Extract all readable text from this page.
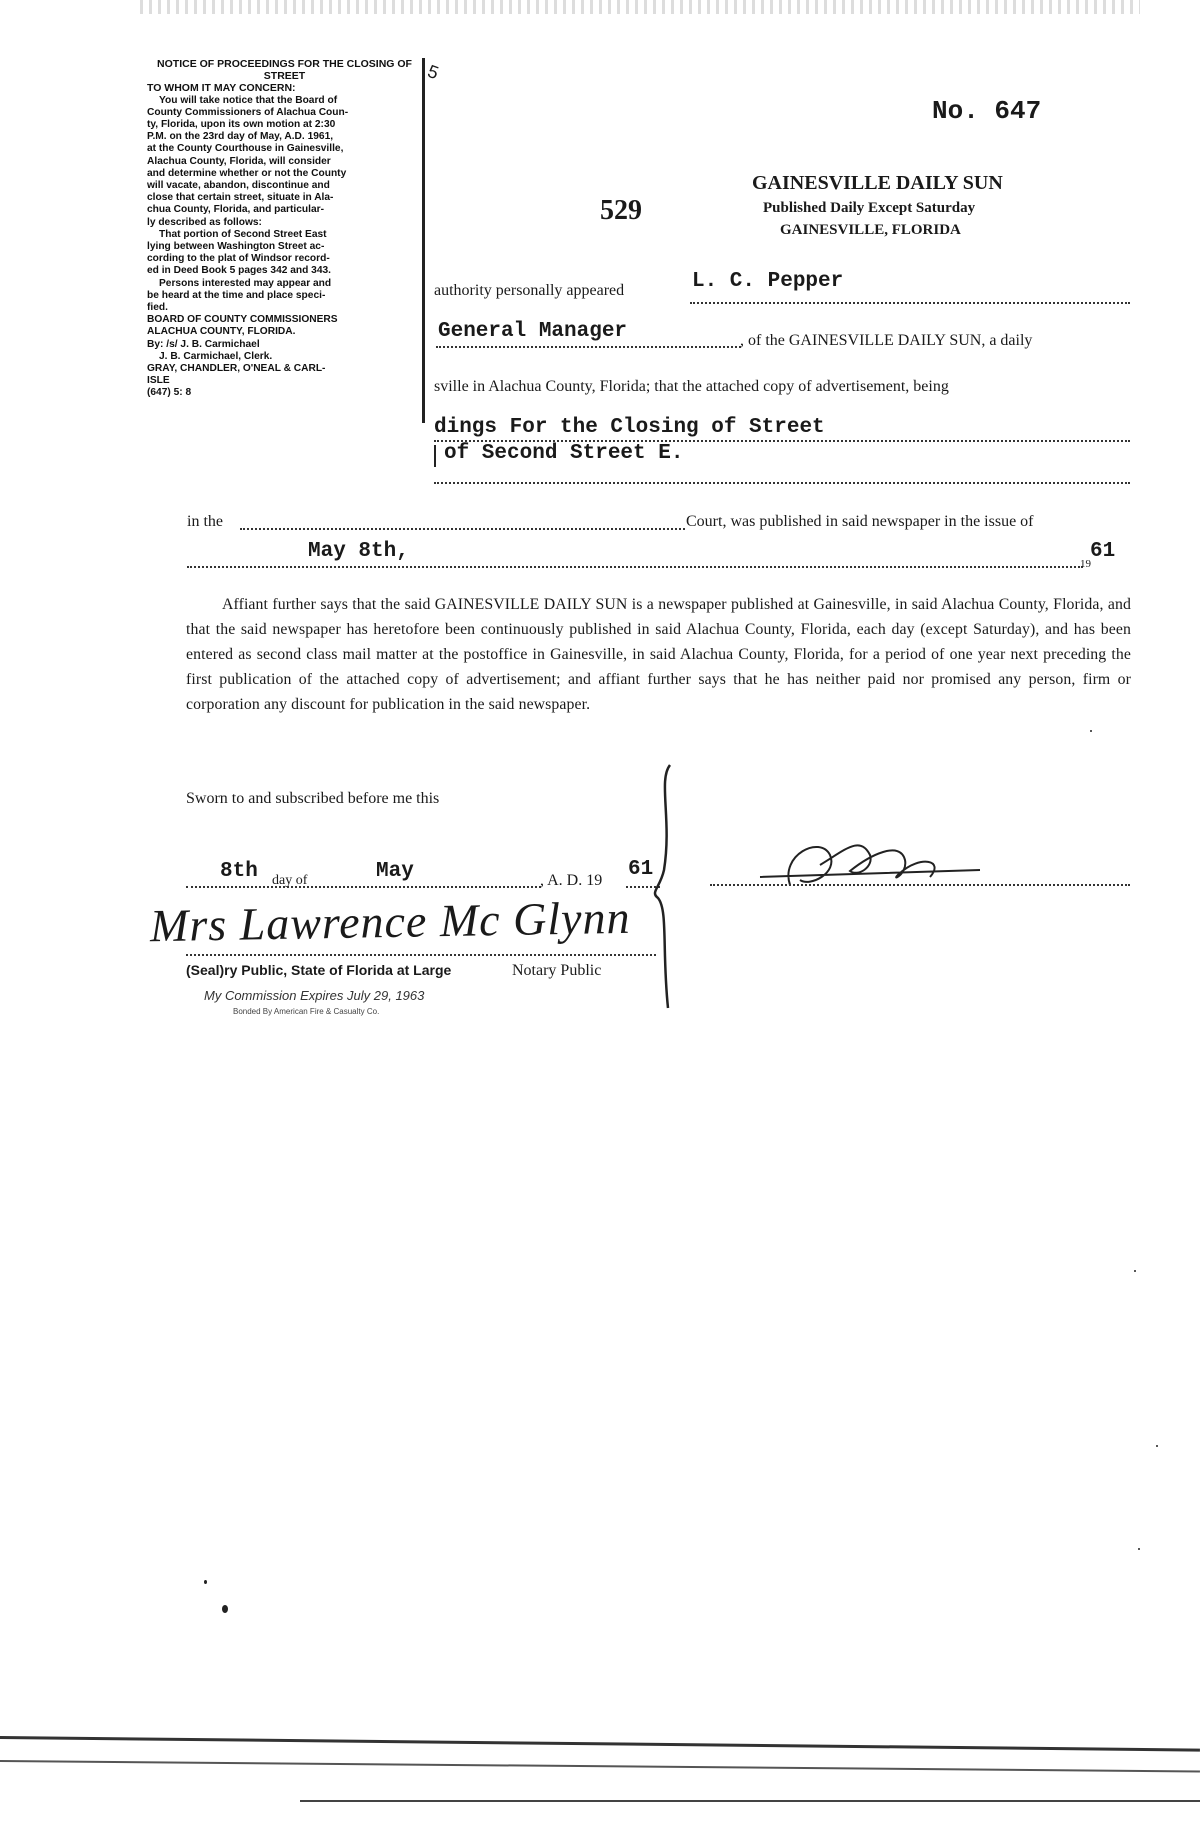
NOTICE OF PROCEEDINGS FOR THE CLOSING OF STREET

TO WHOM IT MAY CONCERN:

You will take notice that the Board of

County Commissioners of Alachua Coun-

ty, Florida, upon its own motion at 2:30

P.M. on the 23rd day of May, A.D. 1961,

at the County Courthouse in Gainesville,

Alachua County, Florida, will consider

and determine whether or not the County

will vacate, abandon, discontinue and

close that certain street, situate in Ala-

chua County, Florida, and particular-

ly described as follows:

That portion of Second Street East

lying between Washington Street ac-

cording to the plat of Windsor record-

ed in Deed Book 5 pages 342 and 343.

Persons interested may appear and

be heard at the time and place speci-

fied.

BOARD OF COUNTY COMMISSIONERS

ALACHUA COUNTY, FLORIDA.

By: /s/ J. B. Carmichael

J. B. Carmichael, Clerk.

GRAY, CHANDLER, O'NEAL & CARL-

ISLE

(647) 5: 8

5
No. 647
529
GAINESVILLE DAILY SUN
Published Daily Except Saturday
GAINESVILLE, FLORIDA
authority personally appeared	L. C. Pepper
General Manager	, of the GAINESVILLE DAILY SUN, a daily
sville in Alachua County, Florida; that the attached copy of advertisement, being
dings For the Closing of Street
of Second Street E.
in the	Court, was published in said newspaper in the issue of
May 8th,
19
61
Affiant further says that the said GAINESVILLE DAILY SUN is a newspaper published at Gainesville, in said Alachua County, Florida, and that the said newspaper has heretofore been continuously published in said Alachua County, Florida, each day (except Saturday), and has been entered as second class mail matter at the postoffice in Gainesville, in said Alachua County, Florida, for a period of one year next preceding the first publication of the attached copy of advertisement; and affiant further says that he has neither paid nor promised any person, firm or corporation any discount for publication in the said newspaper.
Sworn to and subscribed before me this
8th day of	May	, A. D. 19 61
Mrs Lawrence Mc Glynn
(Seal)ry Public, State of Florida at Large	Notary Public
My Commission Expires July 29, 1963
Bonded By American Fire & Casualty Co.
